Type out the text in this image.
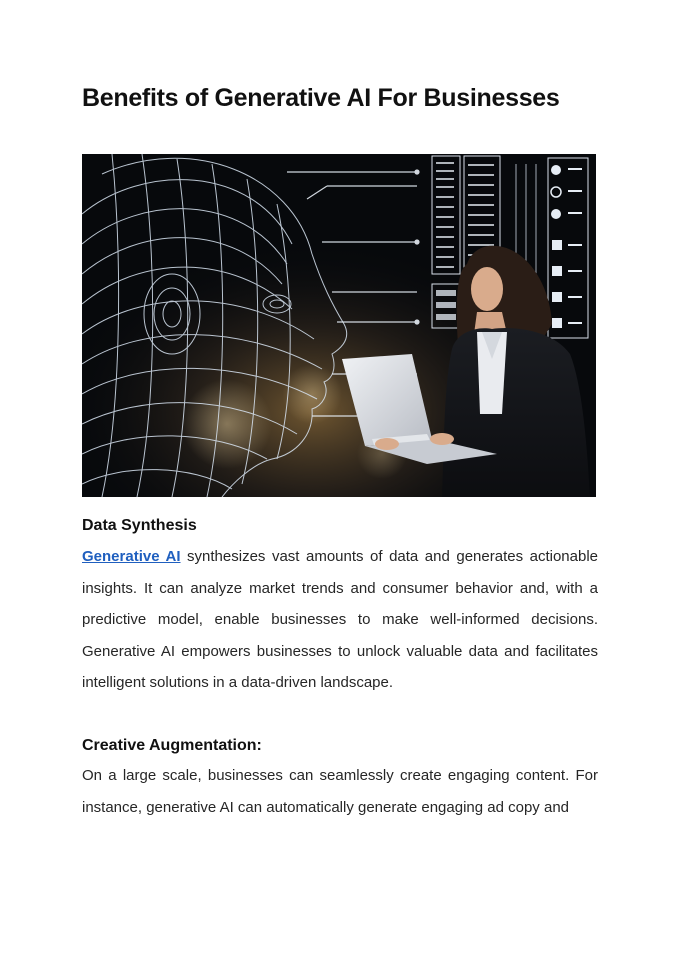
Benefits of Generative AI For Businesses
Data Synthesis

Generative AI synthesizes vast amounts of data and generates actionable insights. It can analyze market trends and consumer behavior and, with a predictive model, enable businesses to make well-informed decisions. Generative AI empowers businesses to unlock valuable data and facilitates intelligent solutions in a data-driven landscape.

Creative Augmentation:

On a large scale, businesses can seamlessly create engaging content. For instance, generative AI can automatically generate engaging ad copy and
